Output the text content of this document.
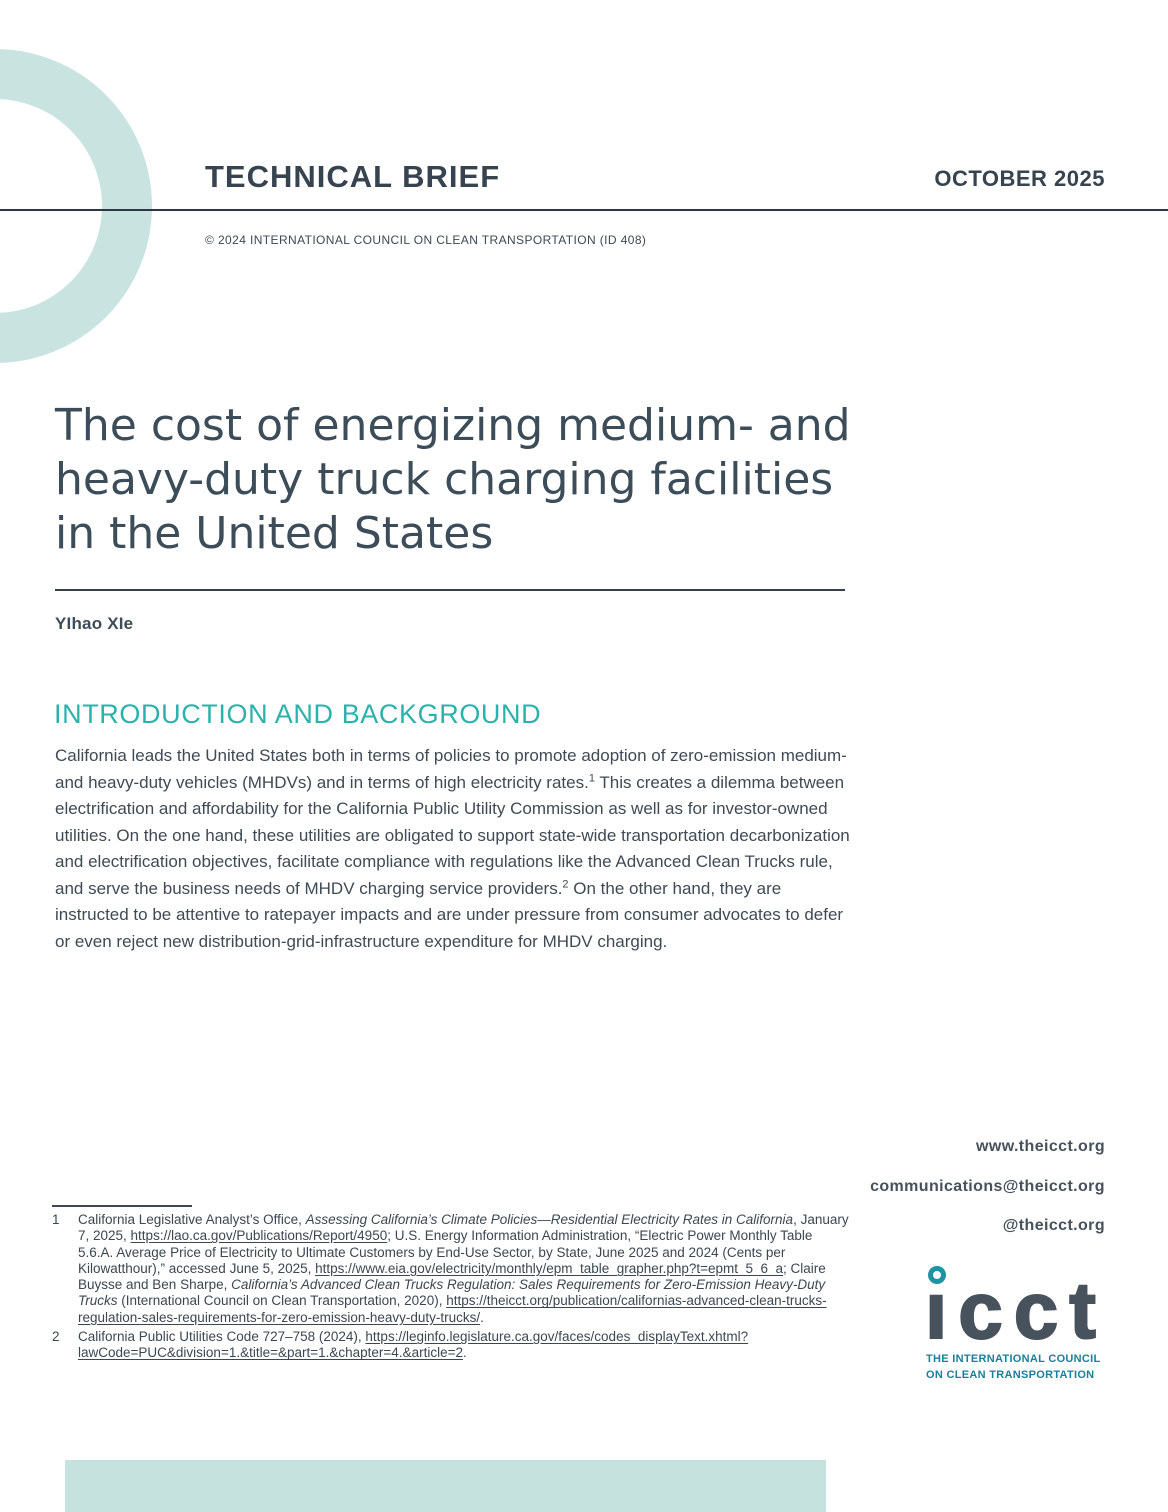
TECHNICAL BRIEF	OCTOBER 2025
© 2024 INTERNATIONAL COUNCIL ON CLEAN TRANSPORTATION (ID 408)
The cost of energizing medium- and heavy-duty truck charging facilities in the United States
YIhao XIe
INTRODUCTION AND BACKGROUND

California leads the United States both in terms of policies to promote adoption of zero-emission medium- and heavy-duty vehicles (MHDVs) and in terms of high electricity rates.$^1$ This creates a dilemma between electrification and affordability for the California Public Utility Commission as well as for investor-owned utilities. On the one hand, these utilities are obligated to support state-wide transportation decarbonization and electrification objectives, facilitate compliance with regulations like the Advanced Clean Trucks rule, and serve the business needs of MHDV charging service providers.$^2$ On the other hand, they are instructed to be attentive to ratepayer impacts and are under pressure from consumer advocates to defer or even reject new distribution-grid-infrastructure expenditure for MHDV charging.

www.theicct.org
communications@theicct.org
@theicct.org
1	California Legislative Analyst’s Office, Assessing California’s Climate Policies—Residential Electricity Rates in California, January 7, 2025, https://lao.ca.gov/Publications/Report/4950; U.S. Energy Information Administration, “Electric Power Monthly Table 5.6.A. Average Price of Electricity to Ultimate Customers by End-Use Sector, by State, June 2025 and 2024 (Cents per Kilowatthour),” accessed June 5, 2025, https://www.eia.gov/electricity/monthly/epm_table_grapher.php?t=epmt_5_6_a; Claire Buysse and Ben Sharpe, California’s Advanced Clean Trucks Regulation: Sales Requirements for Zero-Emission Heavy-Duty Trucks (International Council on Clean Transportation, 2020), https://theicct.org/publication/californias-advanced-clean-trucks-regulation-sales-requirements-for-zero-emission-heavy-duty-trucks/.
2	California Public Utilities Code 727–758 (2024), https://leginfo.legislature.ca.gov/faces/codes_displayText.xhtml?lawCode=PUC&division=1.&title=&part=1.&chapter=4.&article=2.	ıcct
THE INTERNATIONAL COUNCIL
ON CLEAN TRANSPORTATION
